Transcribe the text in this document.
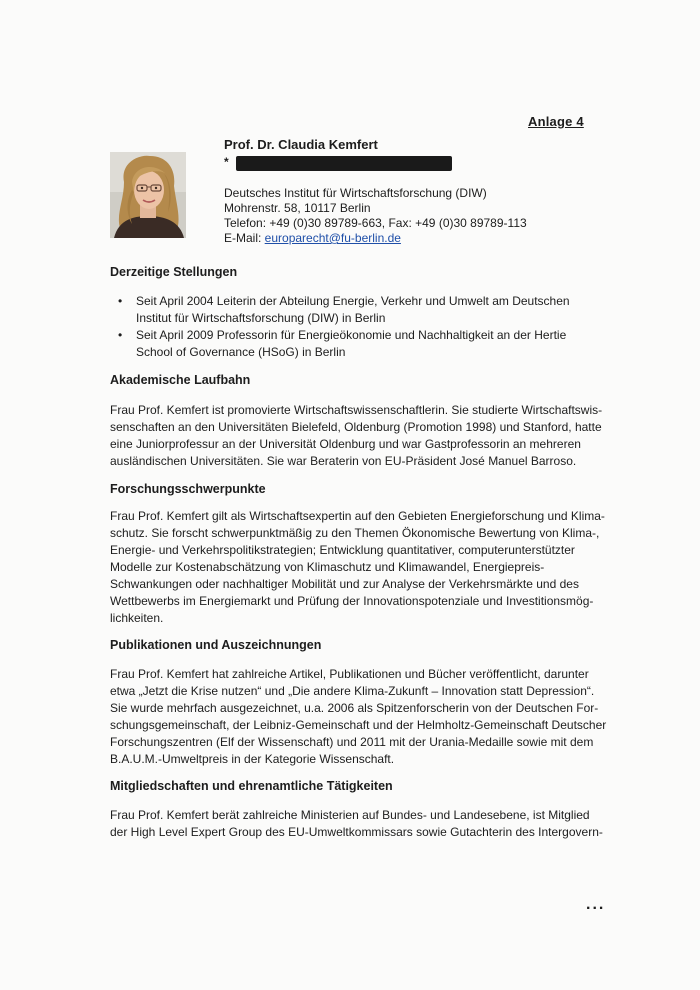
Anlage 4
Prof. Dr. Claudia Kemfert
*
Deutsches Institut für Wirtschaftsforschung (DIW)
Mohrenstr. 58, 10117 Berlin
Telefon: +49 (0)30 89789-663, Fax: +49 (0)30 89789-113
E-Mail: europarecht@fu-berlin.de
Derzeitige Stellungen
• Seit April 2004 Leiterin der Abteilung Energie, Verkehr und Umwelt am Deutschen
Institut für Wirtschaftsforschung (DIW) in Berlin
• Seit April 2009 Professorin für Energieökonomie und Nachhaltigkeit an der Hertie
School of Governance (HSoG) in Berlin
Akademische Laufbahn
Frau Prof. Kemfert ist promovierte Wirtschaftswissenschaftlerin. Sie studierte Wirtschaftswis-
senschaften an den Universitäten Bielefeld, Oldenburg (Promotion 1998) und Stanford, hatte
eine Juniorprofessur an der Universität Oldenburg und war Gastprofessorin an mehreren
ausländischen Universitäten. Sie war Beraterin von EU-Präsident José Manuel Barroso.
Forschungsschwerpunkte
Frau Prof. Kemfert gilt als Wirtschaftsexpertin auf den Gebieten Energieforschung und Klima-
schutz. Sie forscht schwerpunktmäßig zu den Themen Ökonomische Bewertung von Klima-,
Energie- und Verkehrspolitikstrategien; Entwicklung quantitativer, computerunterstützter
Modelle zur Kostenabschätzung von Klimaschutz und Klimawandel, Energiepreis-
Schwankungen oder nachhaltiger Mobilität und zur Analyse der Verkehrsmärkte und des
Wettbewerbs im Energiemarkt und Prüfung der Innovationspotenziale und Investitionsmög-
lichkeiten.
Publikationen und Auszeichnungen
Frau Prof. Kemfert hat zahlreiche Artikel, Publikationen und Bücher veröffentlicht, darunter
etwa „Jetzt die Krise nutzen“ und „Die andere Klima-Zukunft – Innovation statt Depression“.
Sie wurde mehrfach ausgezeichnet, u.a. 2006 als Spitzenforscherin von der Deutschen For-
schungsgemeinschaft, der Leibniz-Gemeinschaft und der Helmholtz-Gemeinschaft Deutscher
Forschungszentren (Elf der Wissenschaft) und 2011 mit der Urania-Medaille sowie mit dem
B.A.U.M.-Umweltpreis in der Kategorie Wissenschaft.
Mitgliedschaften und ehrenamtliche Tätigkeiten
Frau Prof. Kemfert berät zahlreiche Ministerien auf Bundes- und Landesebene, ist Mitglied
der High Level Expert Group des EU-Umweltkommissars sowie Gutachterin des Intergovern-
...
